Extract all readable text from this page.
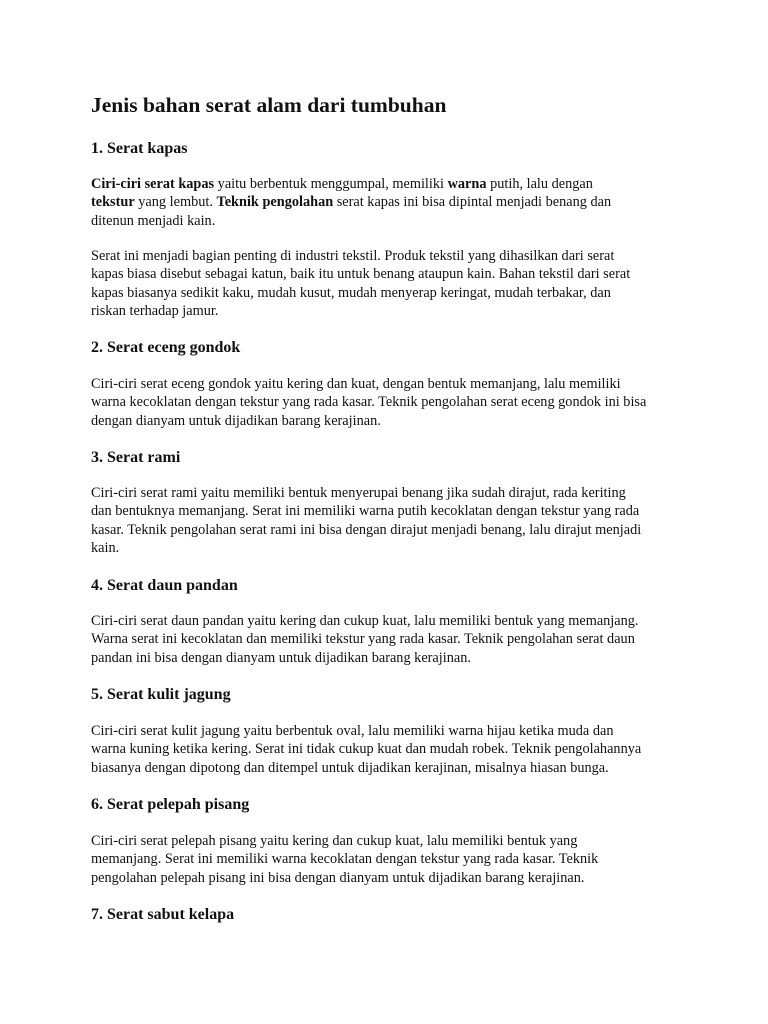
Jenis bahan serat alam dari tumbuhan
1. Serat kapas
Ciri-ciri serat kapas yaitu berbentuk menggumpal, memiliki warna putih, lalu dengan
tekstur yang lembut. Teknik pengolahan serat kapas ini bisa dipintal menjadi benang dan
ditenun menjadi kain.
Serat ini menjadi bagian penting di industri tekstil. Produk tekstil yang dihasilkan dari serat
kapas biasa disebut sebagai katun, baik itu untuk benang ataupun kain. Bahan tekstil dari serat
kapas biasanya sedikit kaku, mudah kusut, mudah menyerap keringat, mudah terbakar, dan
riskan terhadap jamur.
2. Serat eceng gondok
Ciri-ciri serat eceng gondok yaitu kering dan kuat, dengan bentuk memanjang, lalu memiliki
warna kecoklatan dengan tekstur yang rada kasar. Teknik pengolahan serat eceng gondok ini bisa
dengan dianyam untuk dijadikan barang kerajinan.
3. Serat rami
Ciri-ciri serat rami yaitu memiliki bentuk menyerupai benang jika sudah dirajut, rada keriting
dan bentuknya memanjang. Serat ini memiliki warna putih kecoklatan dengan tekstur yang rada
kasar. Teknik pengolahan serat rami ini bisa dengan dirajut menjadi benang, lalu dirajut menjadi
kain.
4. Serat daun pandan
Ciri-ciri serat daun pandan yaitu kering dan cukup kuat, lalu memiliki bentuk yang memanjang.
Warna serat ini kecoklatan dan memiliki tekstur yang rada kasar. Teknik pengolahan serat daun
pandan ini bisa dengan dianyam untuk dijadikan barang kerajinan.
5. Serat kulit jagung
Ciri-ciri serat kulit jagung yaitu berbentuk oval, lalu memiliki warna hijau ketika muda dan
warna kuning ketika kering. Serat ini tidak cukup kuat dan mudah robek. Teknik pengolahannya
biasanya dengan dipotong dan ditempel untuk dijadikan kerajinan, misalnya hiasan bunga.
6. Serat pelepah pisang
Ciri-ciri serat pelepah pisang yaitu kering dan cukup kuat, lalu memiliki bentuk yang
memanjang. Serat ini memiliki warna kecoklatan dengan tekstur yang rada kasar. Teknik
pengolahan pelepah pisang ini bisa dengan dianyam untuk dijadikan barang kerajinan.
7. Serat sabut kelapa
